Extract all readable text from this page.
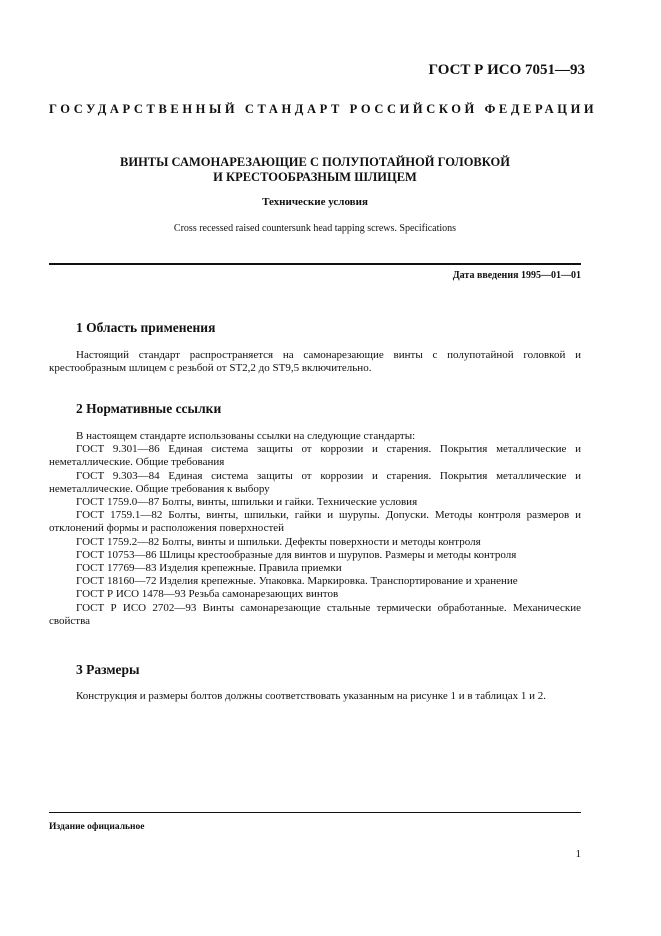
ГОСТ Р ИСО 7051—93
ГОСУДАРСТВЕННЫЙ СТАНДАРТ РОССИЙСКОЙ ФЕДЕРАЦИИ
ВИНТЫ САМОНАРЕЗАЮЩИЕ С ПОЛУПОТАЙНОЙ ГОЛОВКОЙ
И КРЕСТООБРАЗНЫМ ШЛИЦЕМ
Технические условия
Cross recessed raised countersunk head tapping screws. Specifications
Дата введения 1995—01—01
1 Область применения
Настоящий стандарт распространяется на самонарезающие винты с полупотайной головкой и крестообразным шлицем с резьбой от ST2,2 до ST9,5 включительно.
2 Нормативные ссылки
В настоящем стандарте использованы ссылки на следующие стандарты:
ГОСТ 9.301—86 Единая система защиты от коррозии и старения. Покрытия металлические и неметаллические. Общие требования
ГОСТ 9.303—84 Единая система защиты от коррозии и старения. Покрытия металлические и неметаллические. Общие требования к выбору
ГОСТ 1759.0—87 Болты, винты, шпильки и гайки. Технические условия
ГОСТ 1759.1—82 Болты, винты, шпильки, гайки и шурупы. Допуски. Методы контроля размеров и отклонений формы и расположения поверхностей
ГОСТ 1759.2—82 Болты, винты и шпильки. Дефекты поверхности и методы контроля
ГОСТ 10753—86 Шлицы крестообразные для винтов и шурупов. Размеры и методы контроля
ГОСТ 17769—83 Изделия крепежные. Правила приемки
ГОСТ 18160—72 Изделия крепежные. Упаковка. Маркировка. Транспортирование и хранение
ГОСТ Р ИСО 1478—93 Резьба самонарезающих винтов
ГОСТ Р ИСО 2702—93 Винты самонарезающие стальные термически обработанные. Механические свойства
3 Размеры
Конструкция и размеры болтов должны соответствовать указанным на рисунке 1 и в таблицах 1 и 2.
Издание официальное
1
